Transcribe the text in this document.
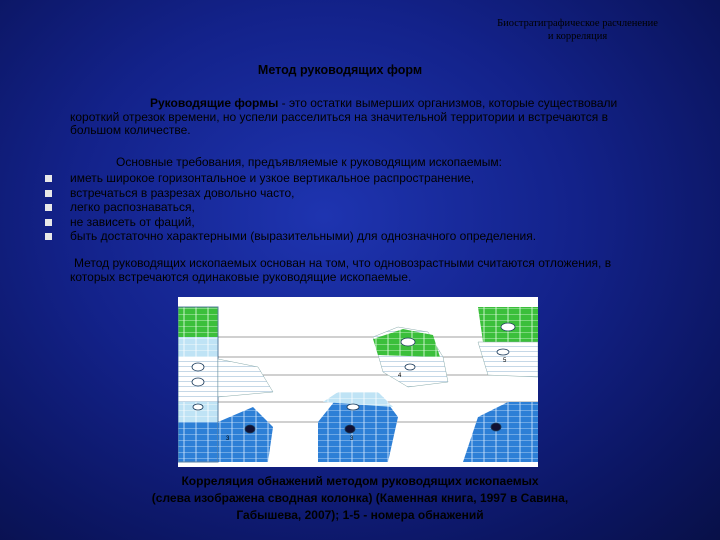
Биостратиграфическое расчленение
и корреляция
Метод руководящих форм
Руководящие формы - это остатки вымерших организмов, которые существовали короткий отрезок времени, но успели расселиться на значительной территории и встречаются в большом количестве.
Основные требования, предъявляемые к руководящим ископаемым:
иметь широкое горизонтальное и узкое вертикальное распространение,
встречаться в разрезах довольно часто,
легко распознаваться,
не зависеть от фаций,
быть достаточно характерными (выразительными) для однозначного определения.
Метод руководящих ископаемых основан на том, что одновозрастными считаются отложения, в которых встречаются одинаковые руководящие ископаемые.
3	3
4
5
Корреляция обнажений методом руководящих ископаемых
(слева изображена сводная колонка) (Каменная книга, 1997 в Савина,
Габышева, 2007); 1-5 - номера обнажений
